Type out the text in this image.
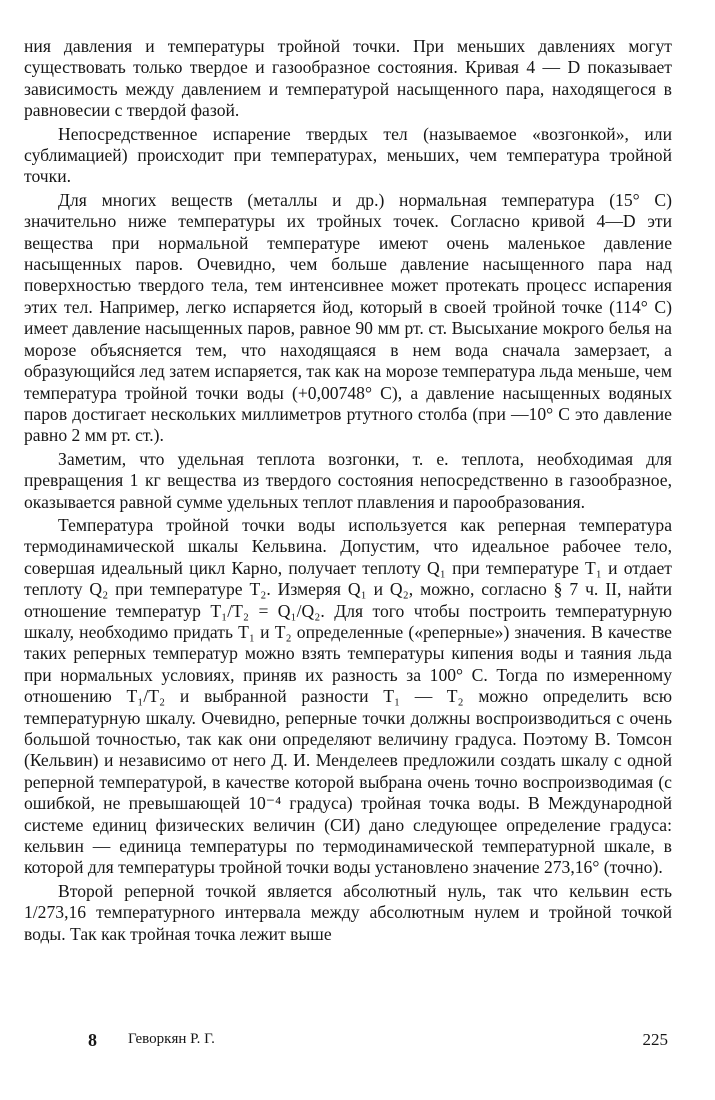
ния давления и температуры тройной точки. При меньших давлениях могут существовать только твердое и газообразное состояния. Кривая 4 — D показывает зависимость между давлением и температурой насыщенного пара, находящегося в равновесии с твердой фазой.

Непосредственное испарение твердых тел (называемое «возгонкой», или сублимацией) происходит при температурах, меньших, чем температура тройной точки.

Для многих веществ (металлы и др.) нормальная температура (15° С) значительно ниже температуры их тройных точек. Согласно кривой 4—D эти вещества при нормальной температуре имеют очень маленькое давление насыщенных паров. Очевидно, чем больше давление насыщенного пара над поверхностью твердого тела, тем интенсивнее может протекать процесс испарения этих тел. Например, легко испаряется йод, который в своей тройной точке (114° С) имеет давление насыщенных паров, равное 90 мм рт. ст. Высыхание мокрого белья на морозе объясняется тем, что находящаяся в нем вода сначала замерзает, а образующийся лед затем испаряется, так как на морозе температура льда меньше, чем температура тройной точки воды (+0,00748° С), а давление насыщенных водяных паров достигает нескольких миллиметров ртутного столба (при —10° С это давление равно 2 мм рт. ст.).

Заметим, что удельная теплота возгонки, т. е. теплота, необходимая для превращения 1 кг вещества из твердого состояния непосредственно в газообразное, оказывается равной сумме удельных теплот плавления и парообразования.

Температура тройной точки воды используется как реперная температура термодинамической шкалы Кельвина. Допустим, что идеальное рабочее тело, совершая идеальный цикл Карно, получает теплоту Q₁ при температуре T₁ и отдает теплоту Q₂ при температуре T₂. Измеряя Q₁ и Q₂, можно, согласно § 7 ч. II, найти отношение температур T₁/T₂ = Q₁/Q₂. Для того чтобы построить температурную шкалу, необходимо придать T₁ и T₂ определенные («реперные») значения. В качестве таких реперных температур можно взять температуры кипения воды и таяния льда при нормальных условиях, приняв их разность за 100° С. Тогда по измеренному отношению T₁/T₂ и выбранной разности T₁ — T₂ можно определить всю температурную шкалу. Очевидно, реперные точки должны воспроизводиться с очень большой точностью, так как они определяют величину градуса. Поэтому В. Томсон (Кельвин) и независимо от него Д. И. Менделеев предложили создать шкалу с одной реперной температурой, в качестве которой выбрана очень точно воспроизводимая (с ошибкой, не превышающей 10⁻⁴ градуса) тройная точка воды. В Международной системе единиц физических величин (СИ) дано следующее определение градуса: кельвин — единица температуры по термодинамической температурной шкале, в которой для температуры тройной точки воды установлено значение 273,16° (точно).

Второй реперной точкой является абсолютный нуль, так что кельвин есть 1/273,16 температурного интервала между абсолютным нулем и тройной точкой воды. Так как тройная точка лежит выше

8 Геворкян Р. Г.	225
